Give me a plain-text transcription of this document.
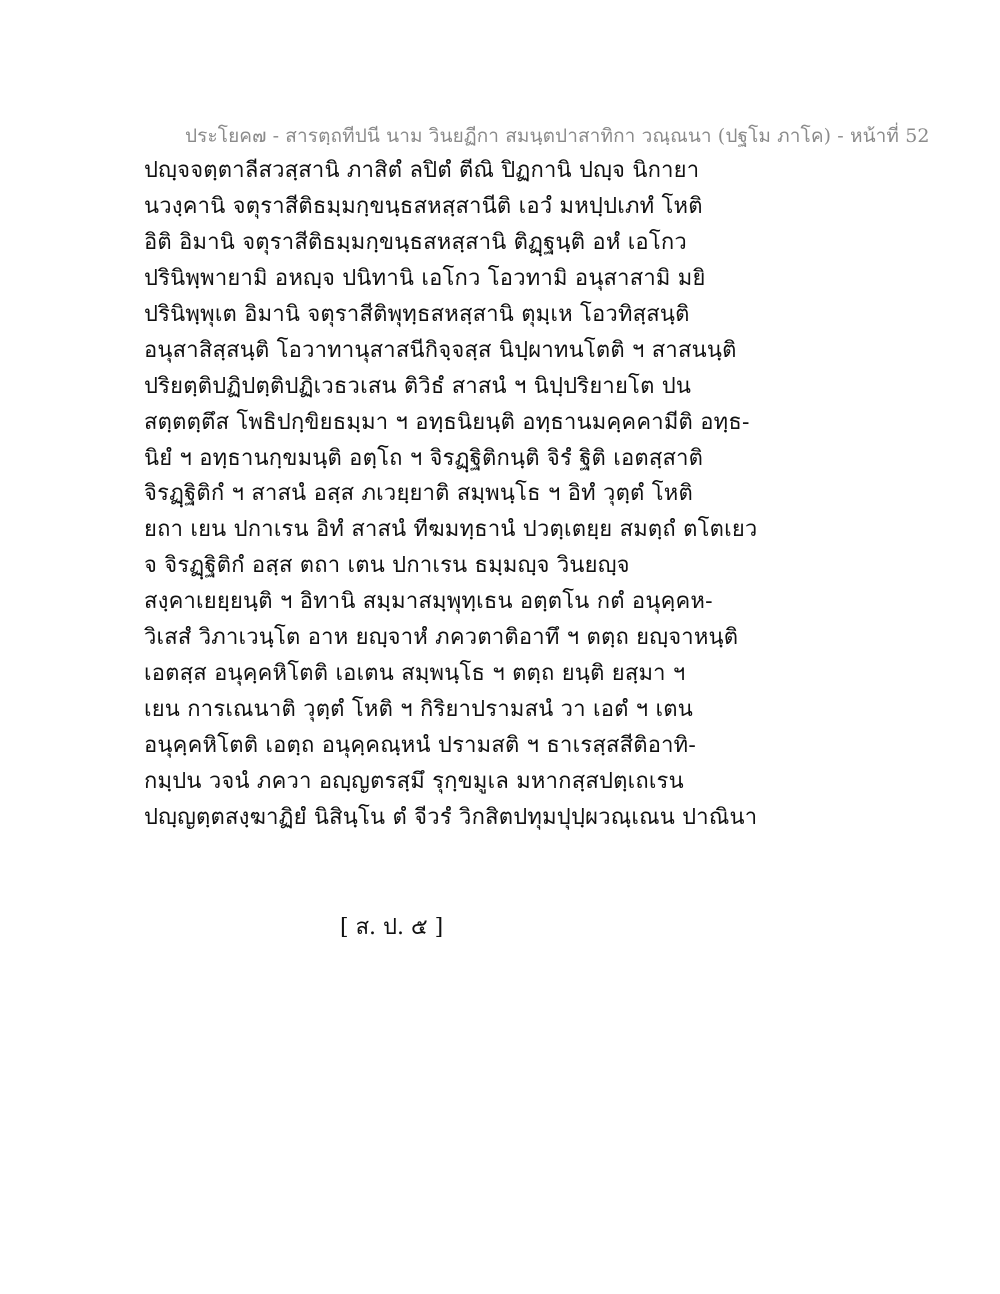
ประโยค๗ - สารตฺถทีปนี นาม วินยฏีกา สมนฺตปาสาทิกา วณฺณนา (ปฐโม ภาโค) - หน้าที่ 52
ปญฺจจตฺตาลีสวสฺสานิ ภาสิตํ ลปิตํ ตีณิ ปิฏกานิ ปญฺจ นิกายา
นวงฺคานิ จตุราสีติธมฺมกฺขนฺธสหสฺสานีติ เอวํ มหปฺปเภทํ โหติ
อิติ อิมานิ จตุราสีติธมฺมกฺขนฺธสหสฺสานิ ติฏฺฐนฺติ อหํ เอโกว
ปรินิพฺพายามิ อหญฺจ ปนิทานิ เอโกว โอวทามิ อนุสาสามิ มยิ
ปรินิพฺพุเต อิมานิ จตุราสีติพุทฺธสหสฺสานิ ตุมฺเห โอวทิสฺสนฺติ
อนุสาสิสฺสนฺติ โอวาทานุสาสนีกิจฺจสฺส นิปฺผาทนโตติ ฯ สาสนนฺติ
ปริยตฺติปฏิปตฺติปฏิเวธวเสน ติวิธํ สาสนํ ฯ นิปฺปริยายโต ปน
สตฺตตฺตึส โพธิปกฺขิยธมฺมา ฯ อทฺธนิยนฺติ อทฺธานมคฺคคามีติ อทฺธ-
นิยํ ฯ อทฺธานกฺขมนฺติ อตฺโถ ฯ จิรฏฺฐิติกนฺติ จิรํ ฐิติ เอตสฺสาติ
จิรฏฺฐิติกํ ฯ สาสนํ อสฺส ภเวยฺยาติ สมฺพนฺโธ ฯ อิทํ วุตฺตํ โหติ
ยถา เยน ปกาเรน อิทํ สาสนํ ทีฆมทฺธานํ ปวตฺเตยฺย สมตฺถํ ตโตเยว
จ จิรฏฺฐิติกํ อสฺส ตถา เตน ปกาเรน ธมฺมญฺจ วินยญฺจ
สงฺคาเยยฺยนฺติ ฯ อิทานิ สมฺมาสมฺพุทฺเธน อตฺตโน กตํ อนุคฺคห-
วิเสสํ วิภาเวนฺโต อาห ยญฺจาหํ ภควตาติอาทึ ฯ ตตฺถ ยญฺจาหนฺติ
เอตสฺส อนุคฺคหิโตติ เอเตน สมฺพนฺโธ ฯ ตตฺถ ยนฺติ ยสฺมา ฯ
เยน การเณนาติ วุตฺตํ โหติ ฯ กิริยาปรามสนํ วา เอตํ ฯ เตน
อนุคฺคหิโตติ เอตฺถ อนุคฺคณฺหนํ ปรามสติ ฯ ธาเรสฺสสีติอาทิ-
กมฺปน วจนํ ภควา อญฺญตรสฺมึ รุกฺขมูเล มหากสฺสปตฺเถเรน
ปญฺญตฺตสงฺฆาฏิยํ นิสินฺโน ตํ จีวรํ วิกสิตปทุมปุปฺผวณฺเณน ปาณินา
[ ส. ป. ๕ ]
